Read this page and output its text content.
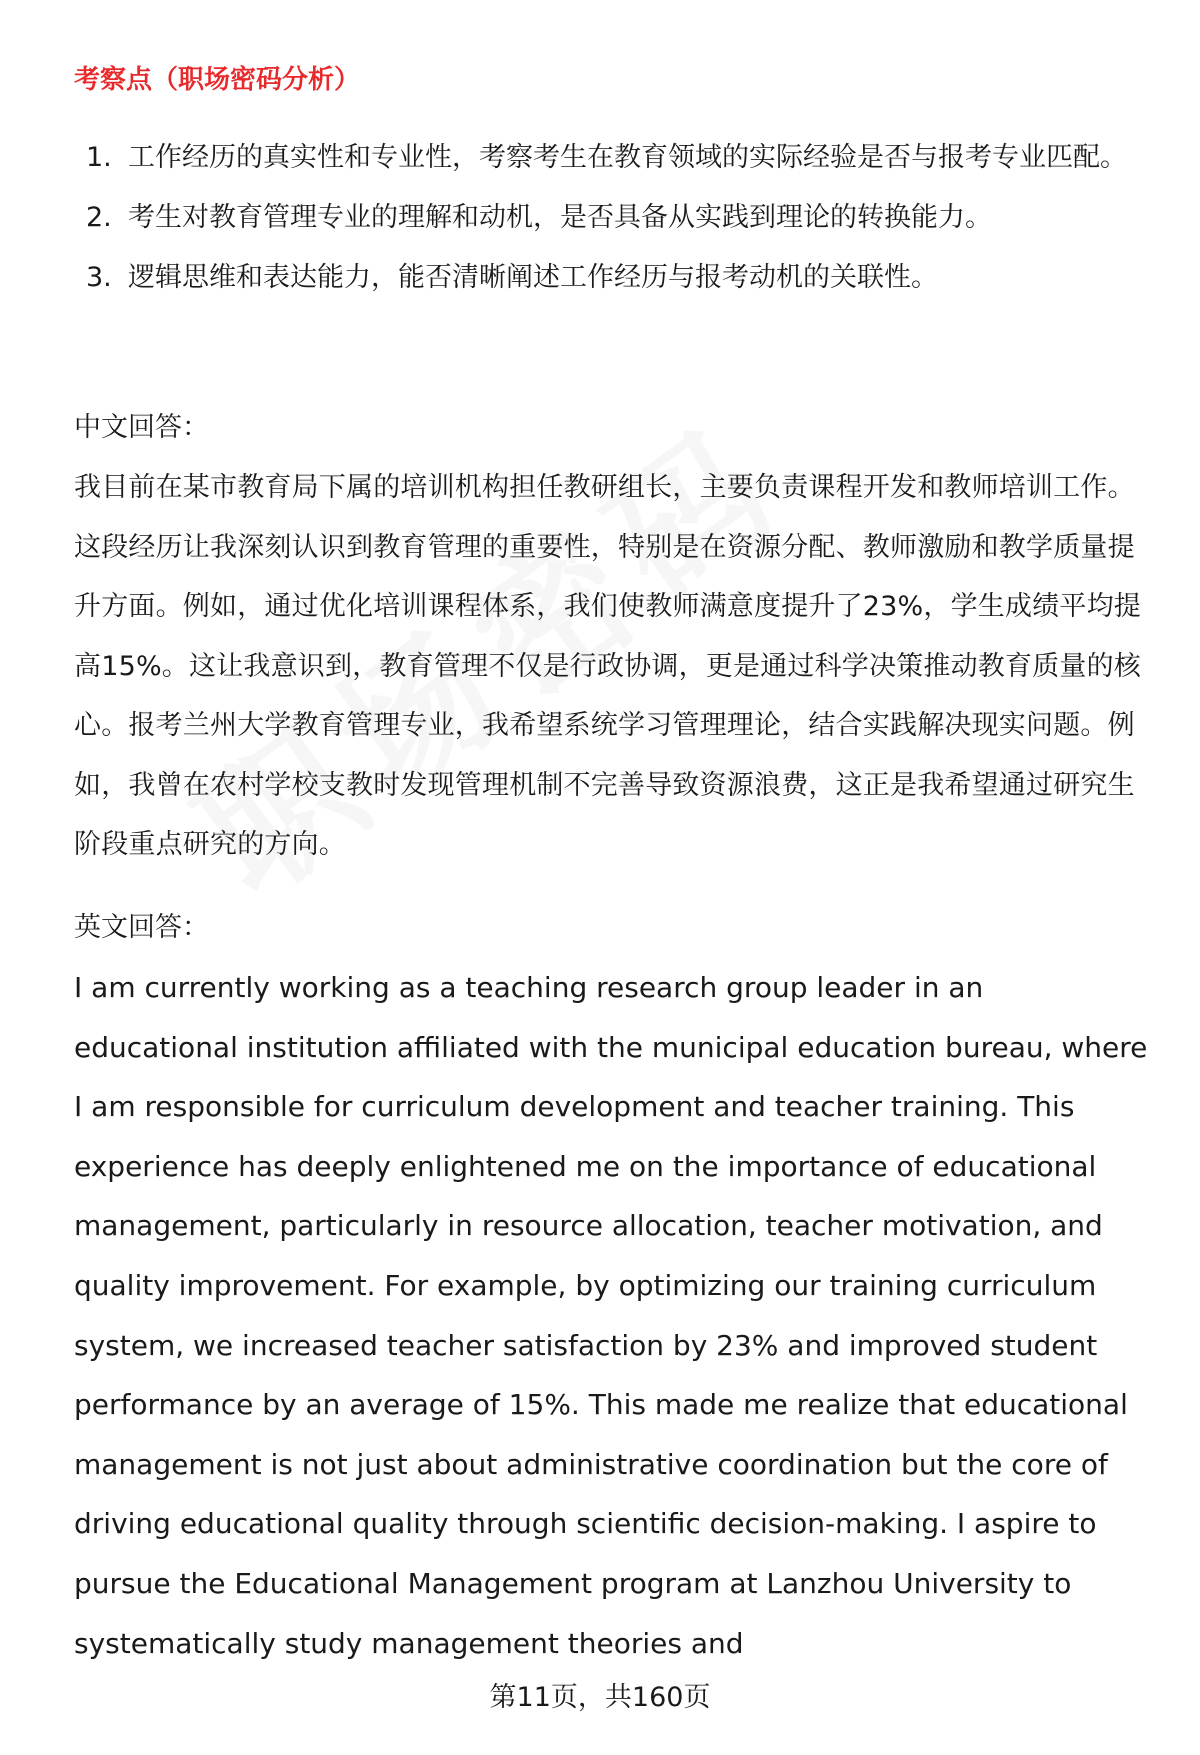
考察点（职场密码分析）
1. 工作经历的真实性和专业性，考察考生在教育领域的实际经验是否与报考专业匹配。
2. 考生对教育管理专业的理解和动机，是否具备从实践到理论的转换能力。
3. 逻辑思维和表达能力，能否清晰阐述工作经历与报考动机的关联性。

中文回答：

我目前在某市教育局下属的培训机构担任教研组长，主要负责课程开发和教师培训工作。这段经历让我深刻认识到教育管理的重要性，特别是在资源分配、教师激励和教学质量提升方面。例如，通过优化培训课程体系，我们使教师满意度提升了23%，学生成绩平均提高15%。这让我意识到，教育管理不仅是行政协调，更是通过科学决策推动教育质量的核心。报考兰州大学教育管理专业，我希望系统学习管理理论，结合实践解决现实问题。例如，我曾在农村学校支教时发现管理机制不完善导致资源浪费，这正是我希望通过研究生阶段重点研究的方向。

英文回答：

I am currently working as a teaching research group leader in an educational institution affiliated with the municipal education bureau, where I am responsible for curriculum development and teacher training. This experience has deeply enlightened me on the importance of educational management, particularly in resource allocation, teacher motivation, and quality improvement. For example, by optimizing our training curriculum system, we increased teacher satisfaction by 23% and improved student performance by an average of 15%. This made me realize that educational management is not just about administrative coordination but the core of driving educational quality through scientific decision-making. I aspire to pursue the Educational Management program at Lanzhou University to systematically study management theories and

第11页，共160页
